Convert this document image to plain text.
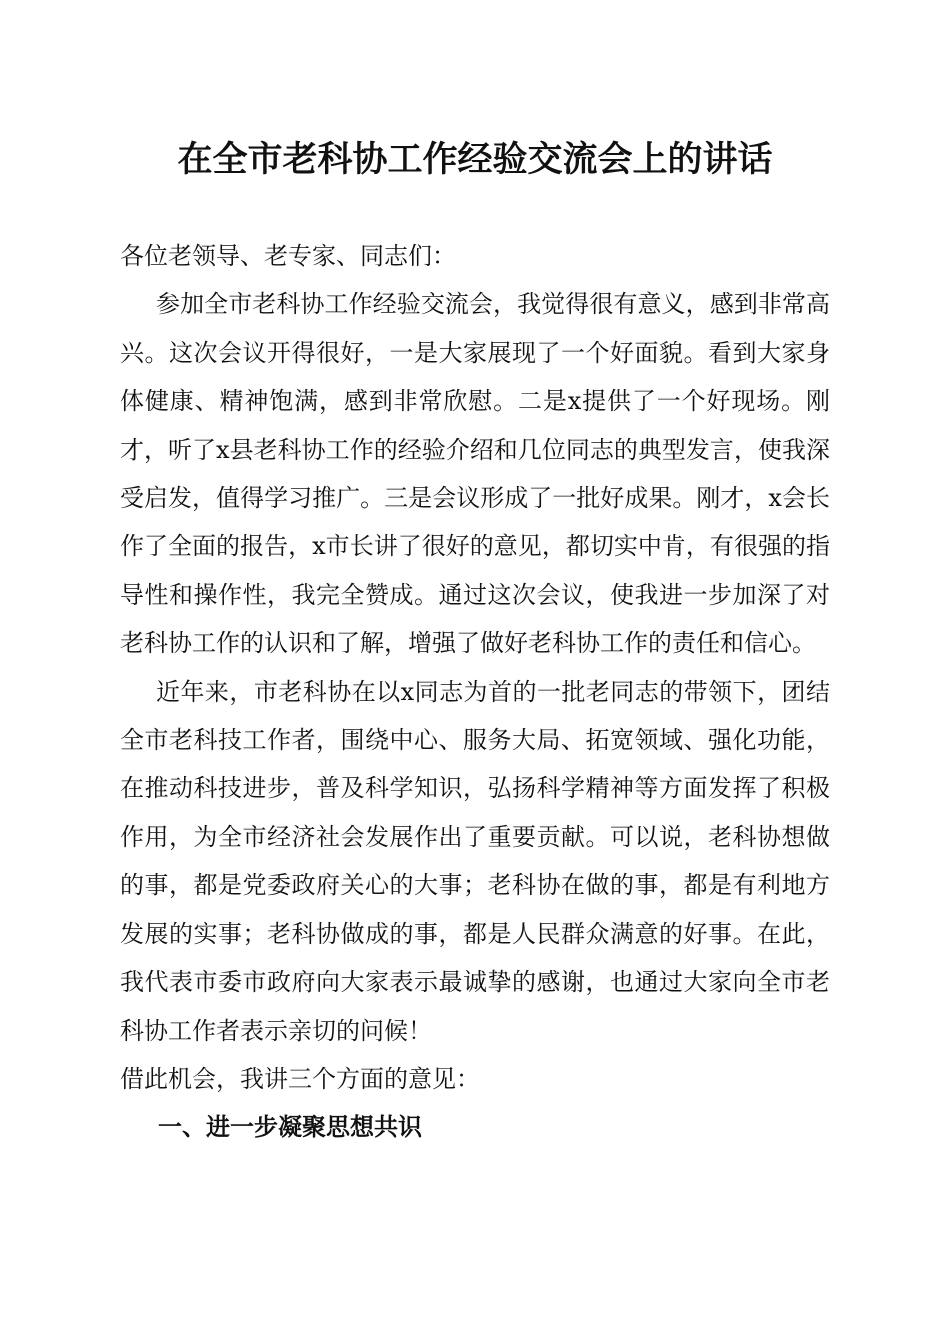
在全市老科协工作经验交流会上的讲话

各位老领导、老专家、同志们：

参加全市老科协工作经验交流会，我觉得很有意义，感到非常高兴。这次会议开得很好，一是大家展现了一个好面貌。看到大家身体健康、精神饱满，感到非常欣慰。二是x提供了一个好现场。刚才，听了x县老科协工作的经验介绍和几位同志的典型发言，使我深受启发，值得学习推广。三是会议形成了一批好成果。刚才，x会长作了全面的报告，x市长讲了很好的意见，都切实中肯，有很强的指导性和操作性，我完全赞成。通过这次会议，使我进一步加深了对老科协工作的认识和了解，增强了做好老科协工作的责任和信心。

近年来，市老科协在以x同志为首的一批老同志的带领下，团结全市老科技工作者，围绕中心、服务大局、拓宽领域、强化功能，在推动科技进步，普及科学知识，弘扬科学精神等方面发挥了积极作用，为全市经济社会发展作出了重要贡献。可以说，老科协想做的事，都是党委政府关心的大事；老科协在做的事，都是有利地方发展的实事；老科协做成的事，都是人民群众满意的好事。在此，我代表市委市政府向大家表示最诚挚的感谢，也通过大家向全市老科协工作者表示亲切的问候！

借此机会，我讲三个方面的意见：

一、进一步凝聚思想共识
